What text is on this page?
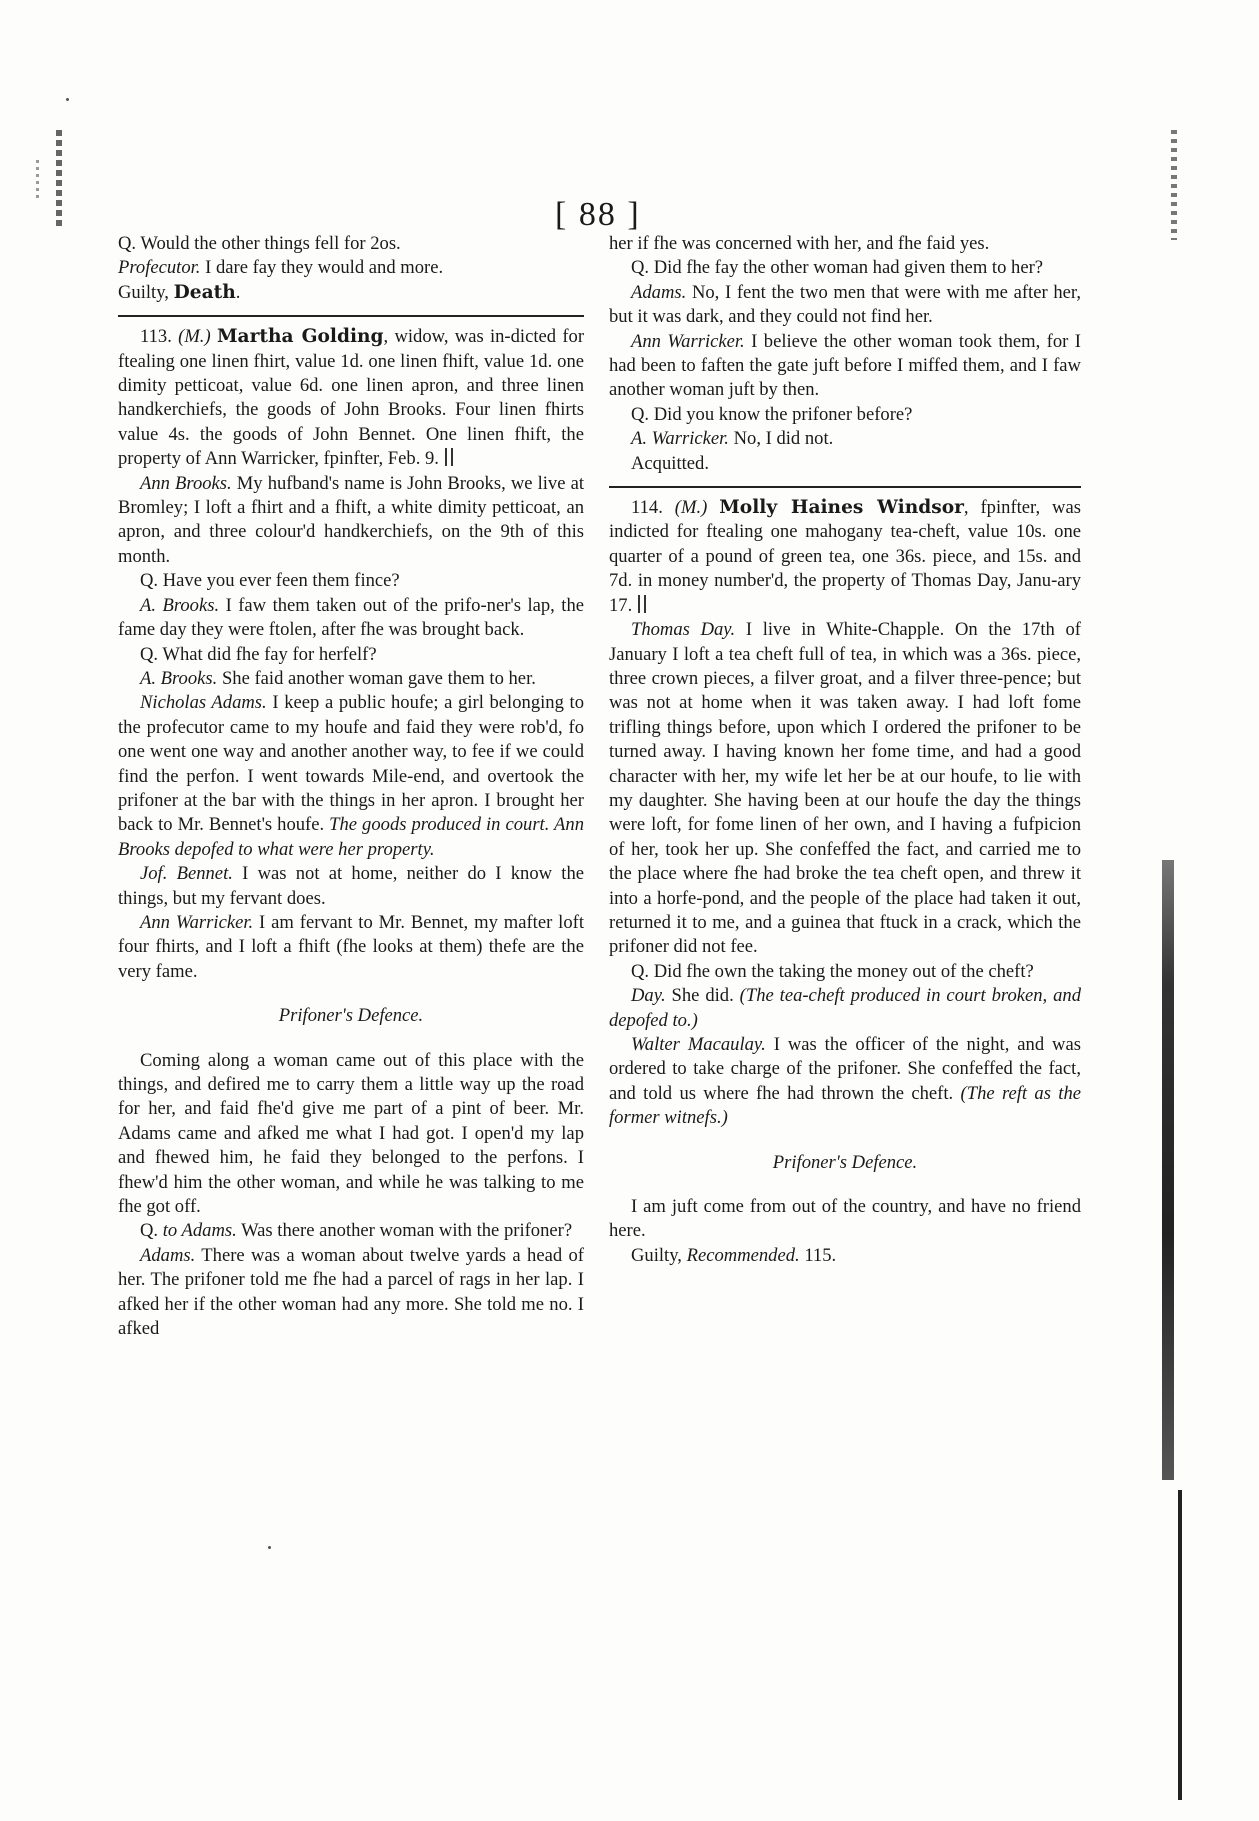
[ 88 ]

Q. Would the other things fell for 2os.

Profecutor. I dare fay they would and more.

Guilty, Death.

113. (M.) Martha Golding, widow, was in-dicted for ftealing one linen fhirt, value 1d. one linen fhift, value 1d. one dimity petticoat, value 6d. one linen apron, and three linen handkerchiefs, the goods of John Brooks. Four linen fhirts value 4s. the goods of John Bennet. One linen fhift, the property of Ann Warricker, fpinfter, Feb. 9.

Ann Brooks. My hufband's name is John Brooks, we live at Bromley; I loft a fhirt and a fhift, a white dimity petticoat, an apron, and three colour'd handkerchiefs, on the 9th of this month.

Q. Have you ever feen them fince?

A. Brooks. I faw them taken out of the prifo-ner's lap, the fame day they were ftolen, after fhe was brought back.

Q. What did fhe fay for herfelf?

A. Brooks. She faid another woman gave them to her.

Nicholas Adams. I keep a public houfe; a girl belonging to the profecutor came to my houfe and faid they were rob'd, fo one went one way and another another way, to fee if we could find the perfon. I went towards Mile-end, and overtook the prifoner at the bar with the things in her apron. I brought her back to Mr. Bennet's houfe. The goods produced in court. Ann Brooks depofed to what were her property.

Jof. Bennet. I was not at home, neither do I know the things, but my fervant does.

Ann Warricker. I am fervant to Mr. Bennet, my mafter loft four fhirts, and I loft a fhift (fhe looks at them) thefe are the very fame.

Prifoner's Defence.

Coming along a woman came out of this place with the things, and defired me to carry them a little way up the road for her, and faid fhe'd give me part of a pint of beer. Mr. Adams came and afked me what I had got. I open'd my lap and fhewed him, he faid they belonged to the perfons. I fhew'd him the other woman, and while he was talking to me fhe got off.

Q. to Adams. Was there another woman with the prifoner?

Adams. There was a woman about twelve yards a head of her. The prifoner told me fhe had a parcel of rags in her lap. I afked her if the other woman had any more. She told me no. I afked

her if fhe was concerned with her, and fhe faid yes.

Q. Did fhe fay the other woman had given them to her?

Adams. No, I fent the two men that were with me after her, but it was dark, and they could not find her.

Ann Warricker. I believe the other woman took them, for I had been to faften the gate juft before I miffed them, and I faw another woman juft by then.

Q. Did you know the prifoner before?

A. Warricker. No, I did not.

Acquitted.

114. (M.) Molly Haines Windsor, fpinfter, was indicted for ftealing one mahogany tea-cheft, value 10s. one quarter of a pound of green tea, one 36s. piece, and 15s. and 7d. in money number'd, the property of Thomas Day, Janu-ary 17.

Thomas Day. I live in White-Chapple. On the 17th of January I loft a tea cheft full of tea, in which was a 36s. piece, three crown pieces, a filver groat, and a filver three-pence; but was not at home when it was taken away. I had loft fome trifling things before, upon which I ordered the prifoner to be turned away. I having known her fome time, and had a good character with her, my wife let her be at our houfe, to lie with my daughter. She having been at our houfe the day the things were loft, for fome linen of her own, and I having a fufpicion of her, took her up. She confeffed the fact, and carried me to the place where fhe had broke the tea cheft open, and threw it into a horfe-pond, and the people of the place had taken it out, returned it to me, and a guinea that ftuck in a crack, which the prifoner did not fee.

Q. Did fhe own the taking the money out of the cheft?

Day. She did. (The tea-cheft produced in court broken, and depofed to.)

Walter Macaulay. I was the officer of the night, and was ordered to take charge of the prifoner. She confeffed the fact, and told us where fhe had thrown the cheft. (The reft as the former witnefs.)

Prifoner's Defence.

I am juft come from out of the country, and have no friend here.

Guilty, Recommended. 115.
